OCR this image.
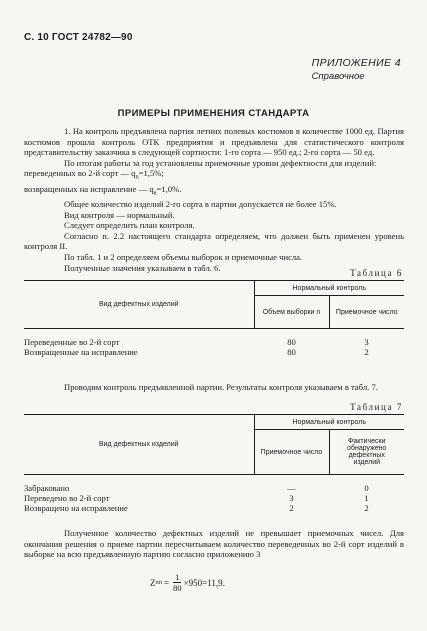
С. 10 ГОСТ 24782—90
ПРИЛОЖЕНИЕ 4
Справочное
ПРИМЕРЫ ПРИМЕНЕНИЯ СТАНДАРТА

1. На контроль предъявлена партия летних полевых костюмов в количестве 1000 ед. Партия костюмов прошла контроль ОТК предприятия и предъявлена для статистического контроля представительству заказчика в следующей сортности: 1-го сорта — 950 ед.; 2-го сорта — 50 ед.

По итогам работы за год установлены приемочные уровни дефектности для изделий:

переведенных во 2-й сорт — $q_п=1,5\%$;

возвращенных на исправление — $q_в=1,0\%$.

Общее количество изделий 2-го сорта в партии допускается не более 15%.

Вид контроля — нормальный.

Следует определить план контроля.

Согласно п. 2.2 настоящего стандарта определяем, что должен быть применен уровень контроля II.

По табл. 1 и 2 определяем объемы выборок и приемочные числа.

Полученные значения указываем в табл. 6.

Таблица 6
Вид дефектных изделий	Нормальный контроль	
	Объем выборки n	Приемочное число
Переведенные во 2-й сорт	80	3
Возвращенные на исправление	80	2

Проводим контроль предъявленной партии. Результаты контроля указываем в табл. 7.

Таблица 7
Вид дефектных изделий	Нормальный контроль	
	Приемочное число	Фактически обнаружено дефектных изделий
Забраковано	—	0
Переведено во 2-й сорт	3	1
Возвращено на исправление	2	2

Полученное количество дефектных изделий не превышает приемочных чисел. Для окончания решения о приеме партии пересчитываем количество переведенных во 2-й сорт изделий в выборке на всю предъявленную партию согласно приложению 3

Z пп = $\frac{1}{80} \times 950=11,9$.
